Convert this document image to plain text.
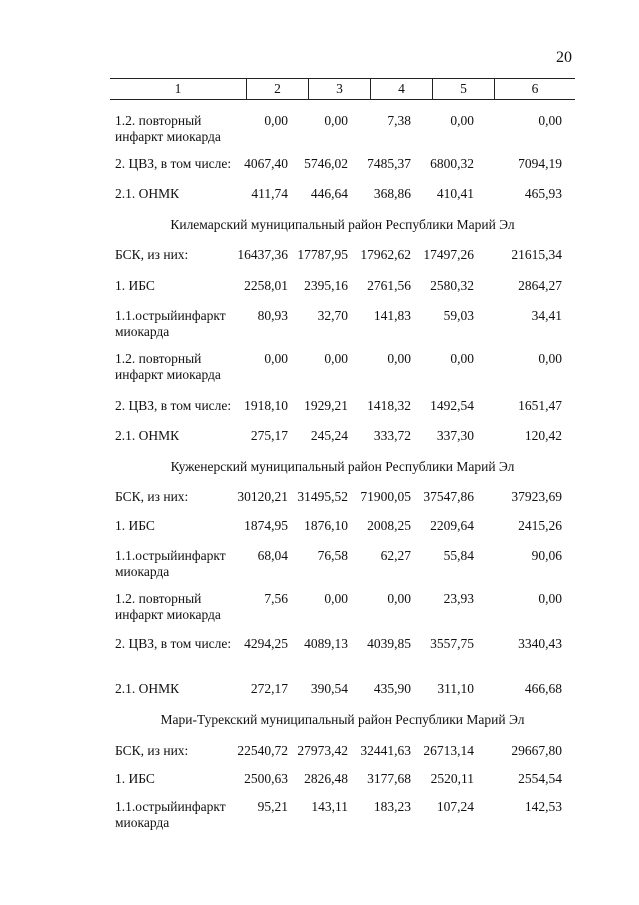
20
1	2	3	4	5	6
1.2. повторный
инфаркт миокарда
0,00	0,00	7,38	0,00	0,00
2. ЦВЗ, в том числе: 4067,40 5746,02 7485,37 6800,32	7094,19
2.1. ОНМК	411,74 446,64 368,86 410,41	465,93
Килемарский муниципальный район Республики Марий Эл
БСК, из них:	16437,36 17787,95 17962,62 17497,26	21615,34
1. ИБС	2258,01 2395,16 2761,56 2580,32	2864,27
1.1.острыйинфаркт
миокарда
80,93 32,70 141,83 59,03	34,41
1.2. повторный
инфаркт миокарда
0,00	0,00	0,00	0,00	0,00
2. ЦВЗ, в том числе: 1918,10 1929,21 1418,32 1492,54	1651,47
2.1. ОНМК	275,17 245,24 333,72 337,30	120,42
Куженерский муниципальный район Республики Марий Эл
БСК, из них:	30120,21 31495,52 71900,05 37547,86	37923,69
1. ИБС	1874,95 1876,10 2008,25 2209,64	2415,26
1.1.острыйинфаркт
миокарда
68,04 76,58 62,27 55,84	90,06
1.2. повторный
инфаркт миокарда
7,56	0,00	0,00 23,93	0,00
2. ЦВЗ, в том числе: 4294,25 4089,13 4039,85 3557,75	3340,43
2.1. ОНМК	272,17 390,54 435,90 311,10	466,68
Мари-Турекский муниципальный район Республики Марий Эл
БСК, из них:	22540,72 27973,42 32441,63 26713,14	29667,80
1. ИБС	2500,63 2826,48 3177,68 2520,11	2554,54
1.1.острыйинфаркт
миокарда
95,21 143,11 183,23 107,24	142,53
